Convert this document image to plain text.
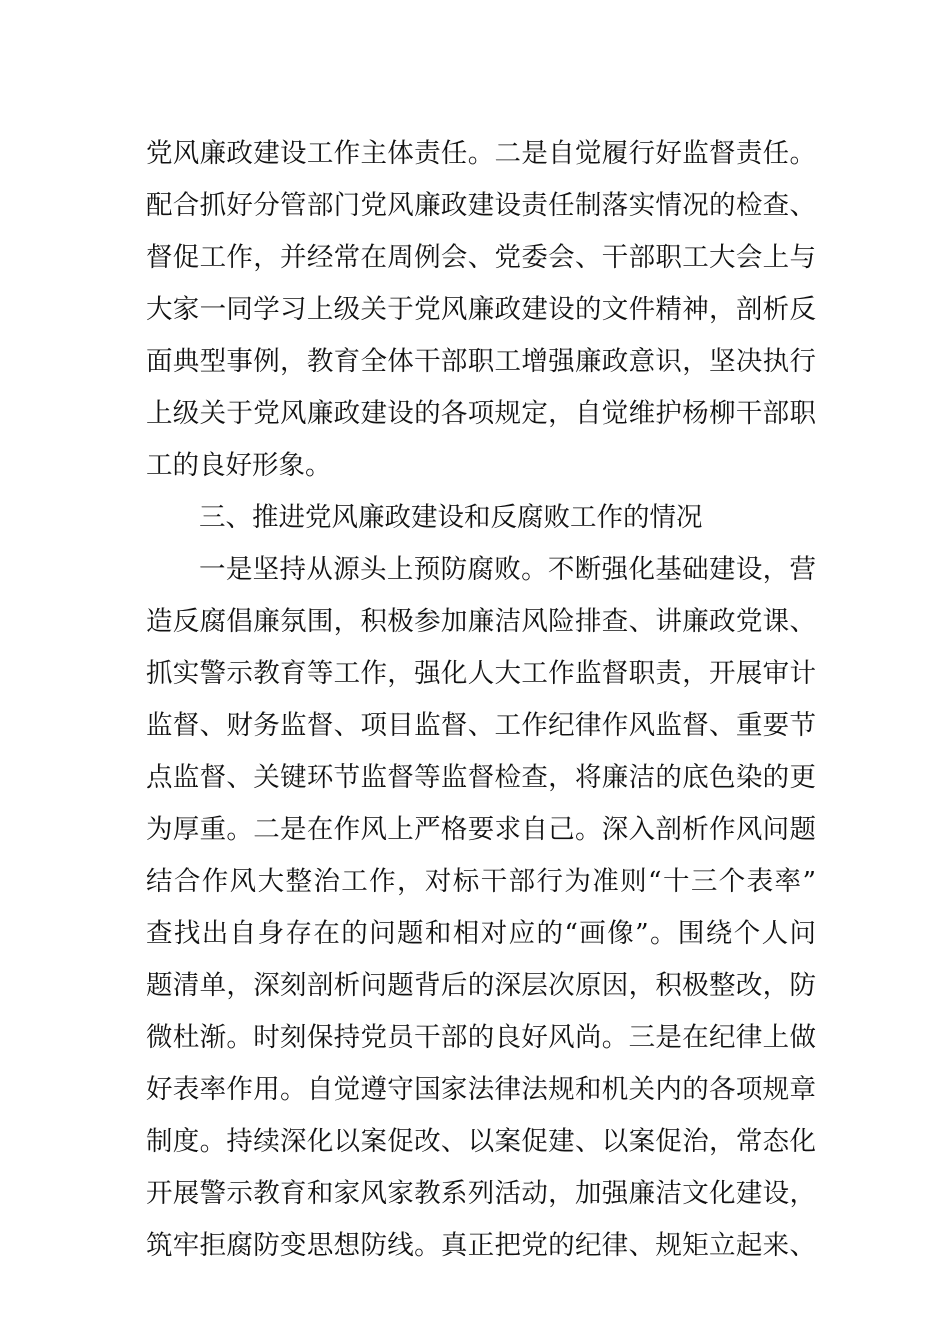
党风廉政建设工作主体责任。二是自觉履行好监督责任。
配合抓好分管部门党风廉政建设责任制落实情况的检查、
督促工作，并经常在周例会、党委会、干部职工大会上与
大家一同学习上级关于党风廉政建设的文件精神，剖析反
面典型事例，教育全体干部职工增强廉政意识，坚决执行
上级关于党风廉政建设的各项规定，自觉维护杨柳干部职
工的良好形象。
三、推进党风廉政建设和反腐败工作的情况
一是坚持从源头上预防腐败。不断强化基础建设，营
造反腐倡廉氛围，积极参加廉洁风险排查、讲廉政党课、
抓实警示教育等工作，强化人大工作监督职责，开展审计
监督、财务监督、项目监督、工作纪律作风监督、重要节
点监督、关键环节监督等监督检查，将廉洁的底色染的更
为厚重。二是在作风上严格要求自己。深入剖析作风问题
结合作风大整治工作，对标干部行为准则“十三个表率”
查找出自身存在的问题和相对应的“画像”。围绕个人问
题清单，深刻剖析问题背后的深层次原因，积极整改，防
微杜渐。时刻保持党员干部的良好风尚。三是在纪律上做
好表率作用。自觉遵守国家法律法规和机关内的各项规章
制度。持续深化以案促改、以案促建、以案促治，常态化
开展警示教育和家风家教系列活动，加强廉洁文化建设，
筑牢拒腐防变思想防线。真正把党的纪律、规矩立起来、
